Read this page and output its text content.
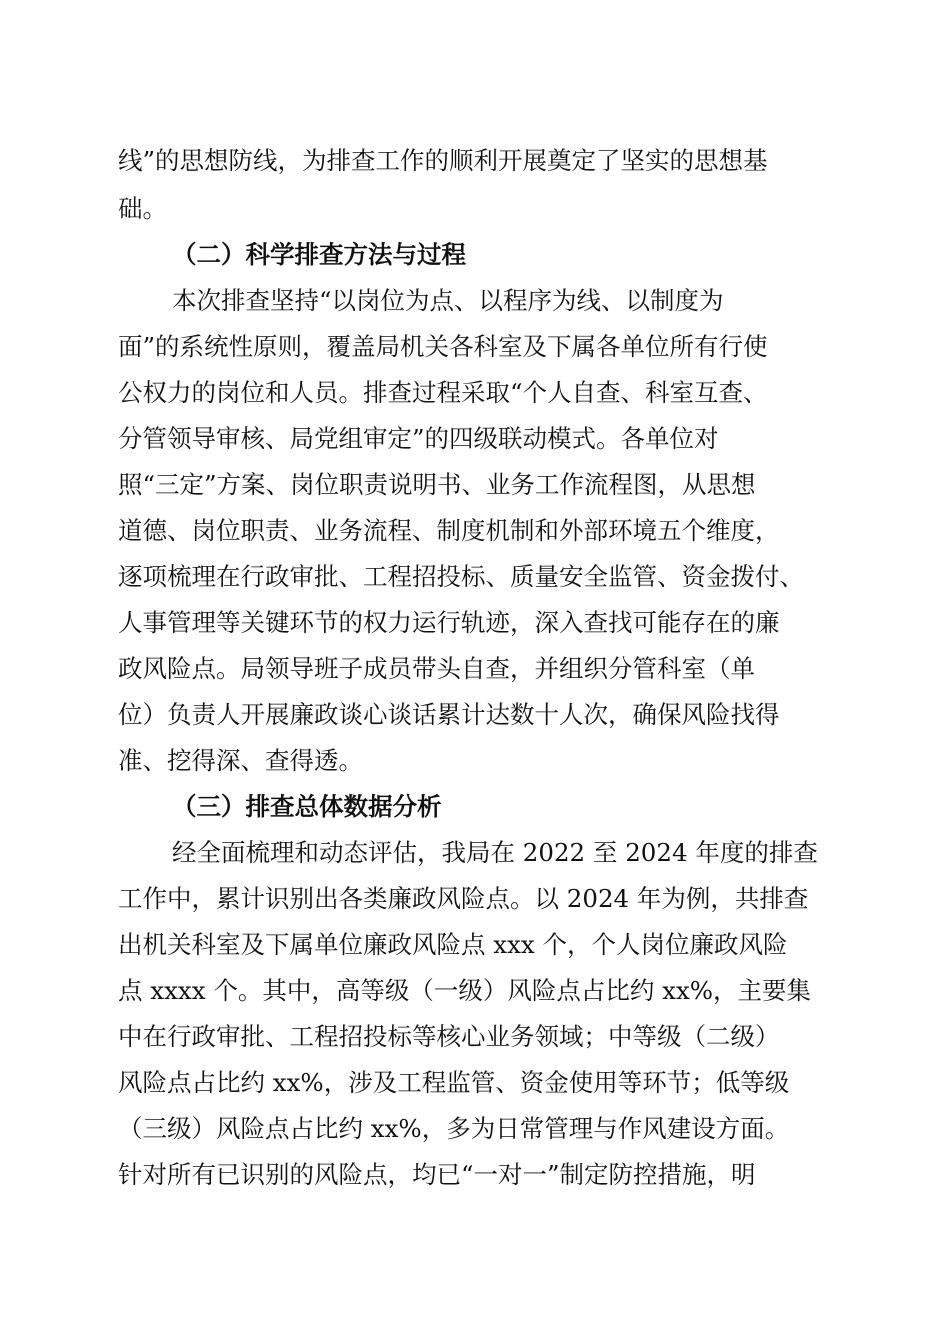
线”的思想防线，为排查工作的顺利开展奠定了坚实的思想基
础。
（二）科学排查方法与过程
本次排查坚持“以岗位为点、以程序为线、以制度为
面”的系统性原则，覆盖局机关各科室及下属各单位所有行使
公权力的岗位和人员。排查过程采取“个人自查、科室互查、
分管领导审核、局党组审定”的四级联动模式。各单位对
照“三定”方案、岗位职责说明书、业务工作流程图，从思想
道德、岗位职责、业务流程、制度机制和外部环境五个维度，
逐项梳理在行政审批、工程招投标、质量安全监管、资金拨付、
人事管理等关键环节的权力运行轨迹，深入查找可能存在的廉
政风险点。局领导班子成员带头自查，并组织分管科室（单
位）负责人开展廉政谈心谈话累计达数十人次，确保风险找得
准、挖得深、查得透。
（三）排查总体数据分析
经全面梳理和动态评估，我局在 2022 至 2024 年度的排查
工作中，累计识别出各类廉政风险点。以 2024 年为例，共排查
出机关科室及下属单位廉政风险点 xxx 个，个人岗位廉政风险
点 xxxx 个。其中，高等级（一级）风险点占比约 xx%，主要集
中在行政审批、工程招投标等核心业务领域；中等级（二级）
风险点占比约 xx%，涉及工程监管、资金使用等环节；低等级
（三级）风险点占比约 xx%，多为日常管理与作风建设方面。
针对所有已识别的风险点，均已“一对一”制定防控措施，明
